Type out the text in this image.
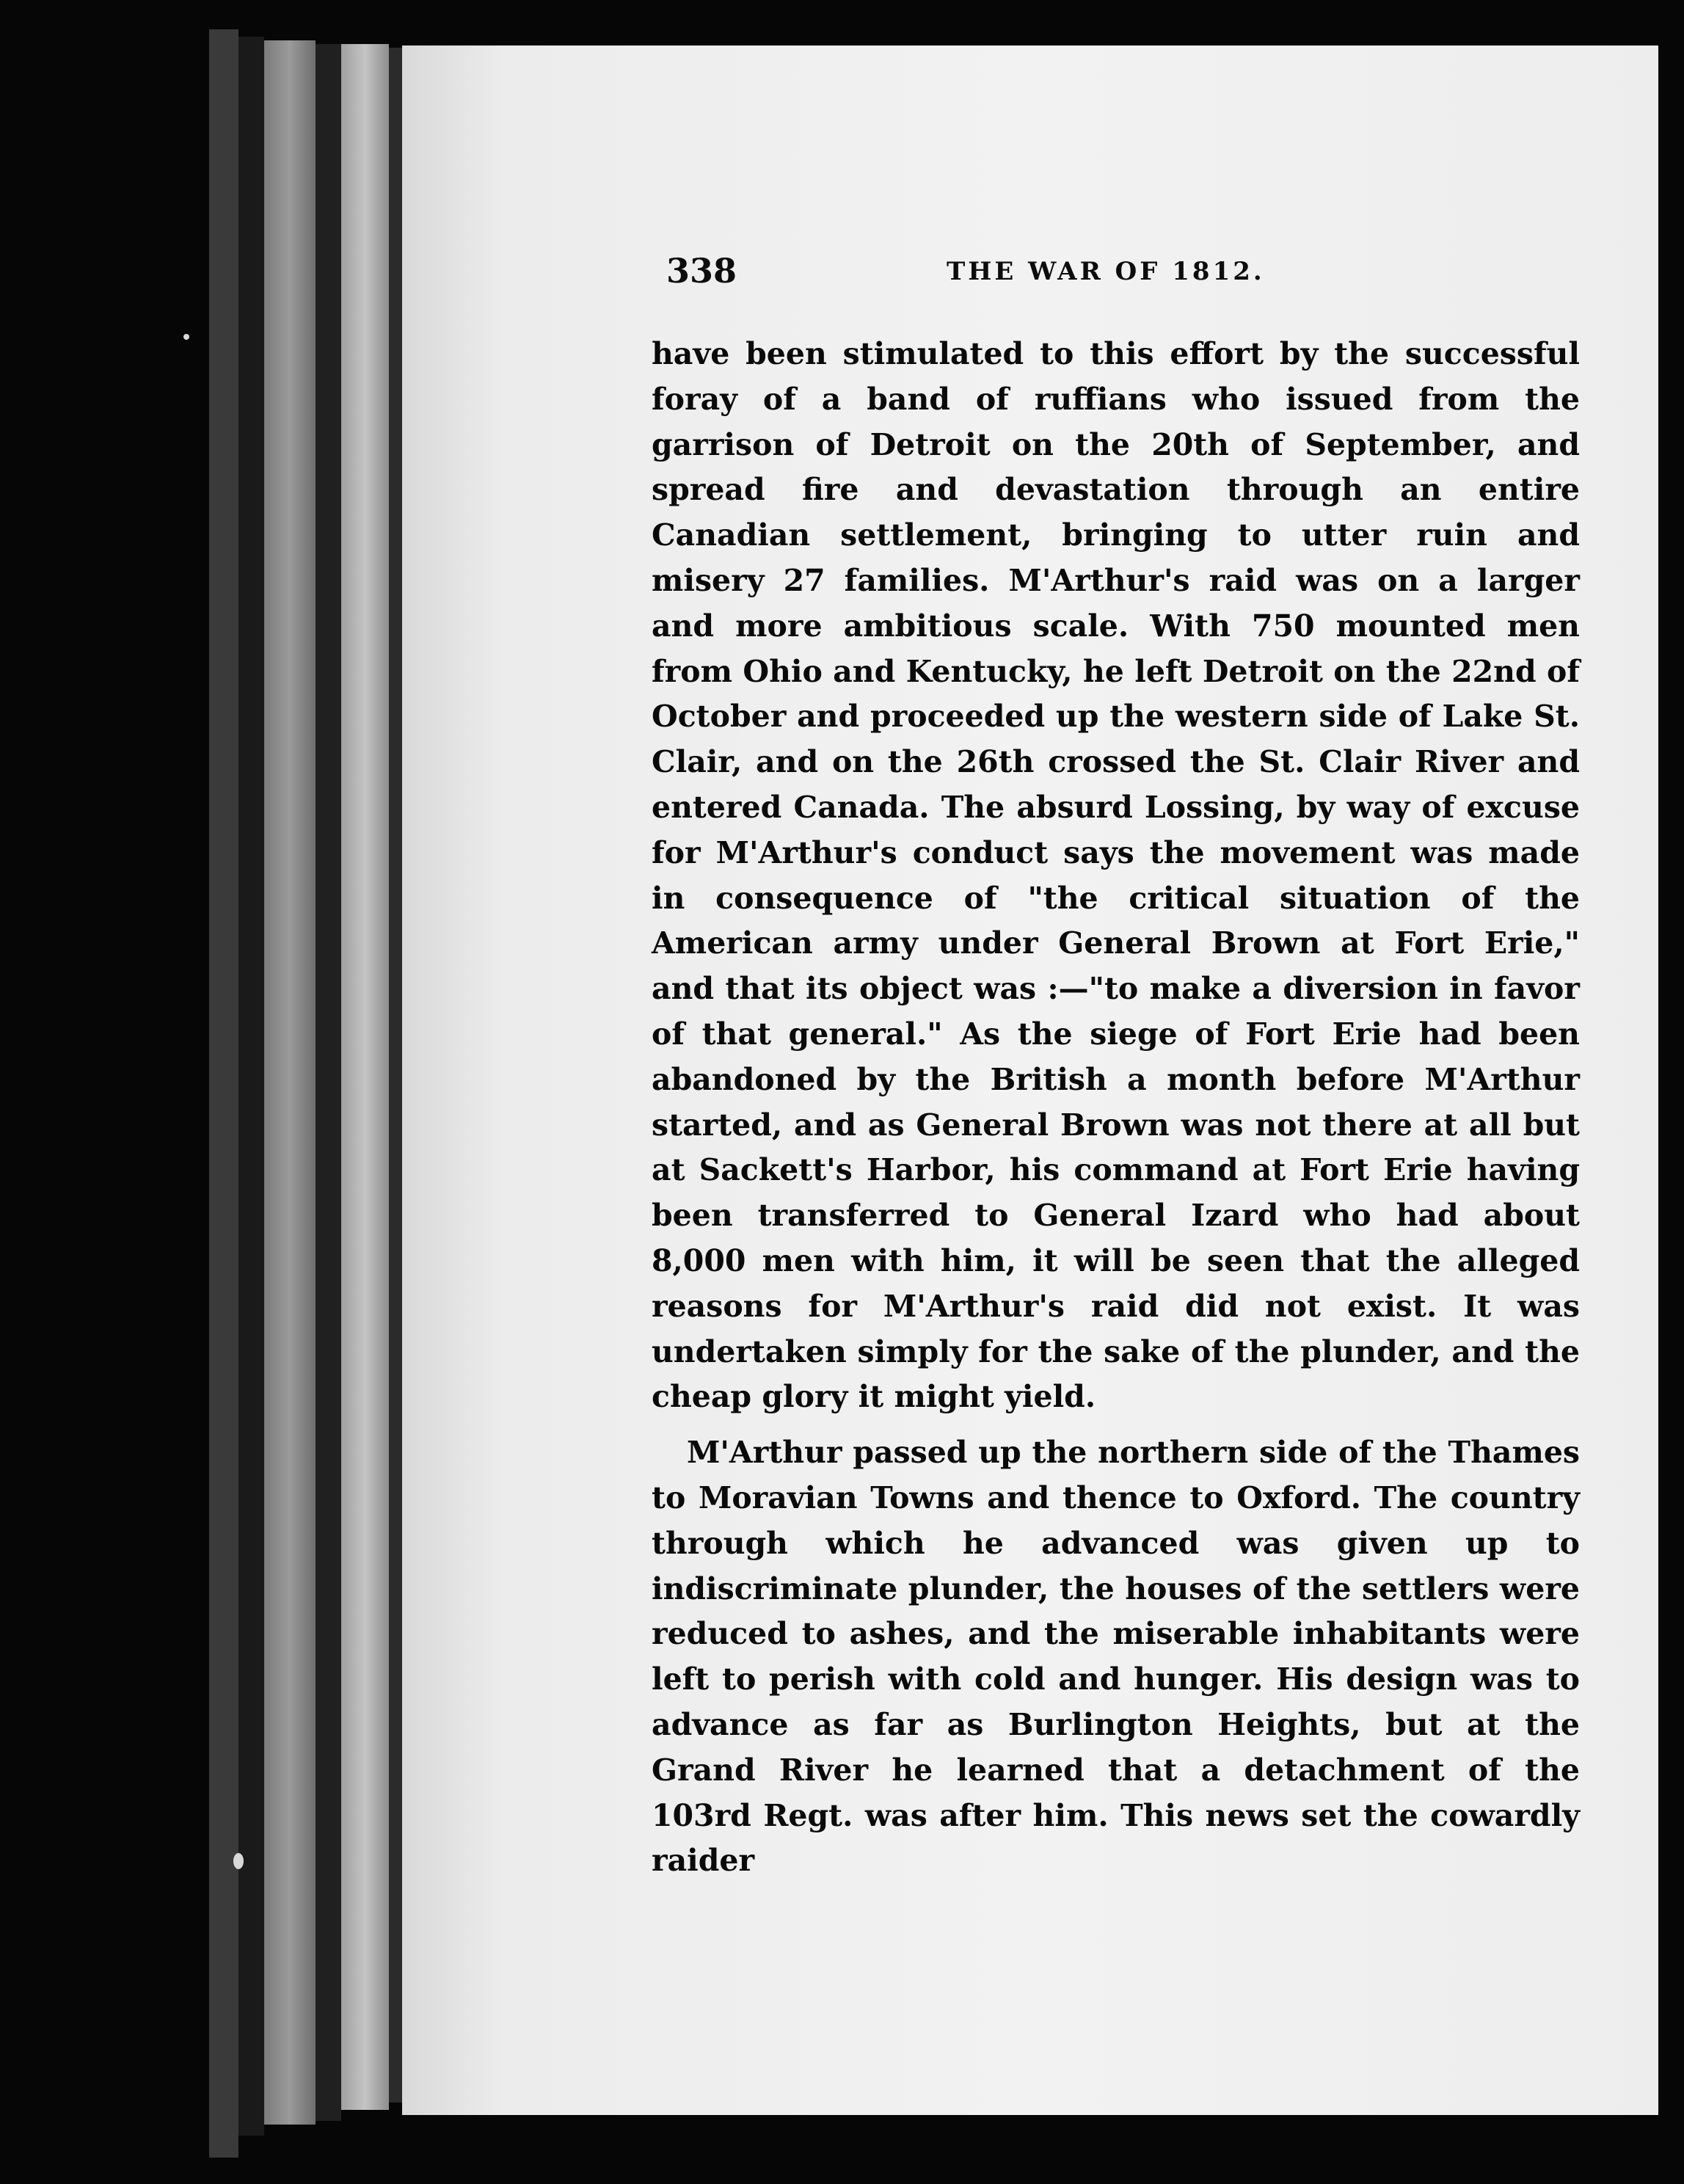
338	THE WAR OF 1812.

have been stimulated to this effort by the successful foray of a band of ruffians who issued from the garrison of Detroit on the 20th of September, and spread fire and devastation through an entire Canadian settlement, bringing to utter ruin and misery 27 families. M'Arthur's raid was on a larger and more ambitious scale. With 750 mounted men from Ohio and Kentucky, he left Detroit on the 22nd of October and proceeded up the western side of Lake St. Clair, and on the 26th crossed the St. Clair River and entered Canada. The absurd Lossing, by way of excuse for M'Arthur's conduct says the movement was made in consequence of "the critical situation of the American army under General Brown at Fort Erie," and that its object was :—"to make a diversion in favor of that general." As the siege of Fort Erie had been abandoned by the British a month before M'Arthur started, and as General Brown was not there at all but at Sackett's Harbor, his command at Fort Erie having been transferred to General Izard who had about 8,000 men with him, it will be seen that the alleged reasons for M'Arthur's raid did not exist. It was undertaken simply for the sake of the plunder, and the cheap glory it might yield.

M'Arthur passed up the northern side of the Thames to Moravian Towns and thence to Oxford. The country through which he advanced was given up to indiscriminate plunder, the houses of the settlers were reduced to ashes, and the miserable inhabitants were left to perish with cold and hunger. His design was to advance as far as Burlington Heights, but at the Grand River he learned that a detachment of the 103rd Regt. was after him. This news set the cowardly raider
